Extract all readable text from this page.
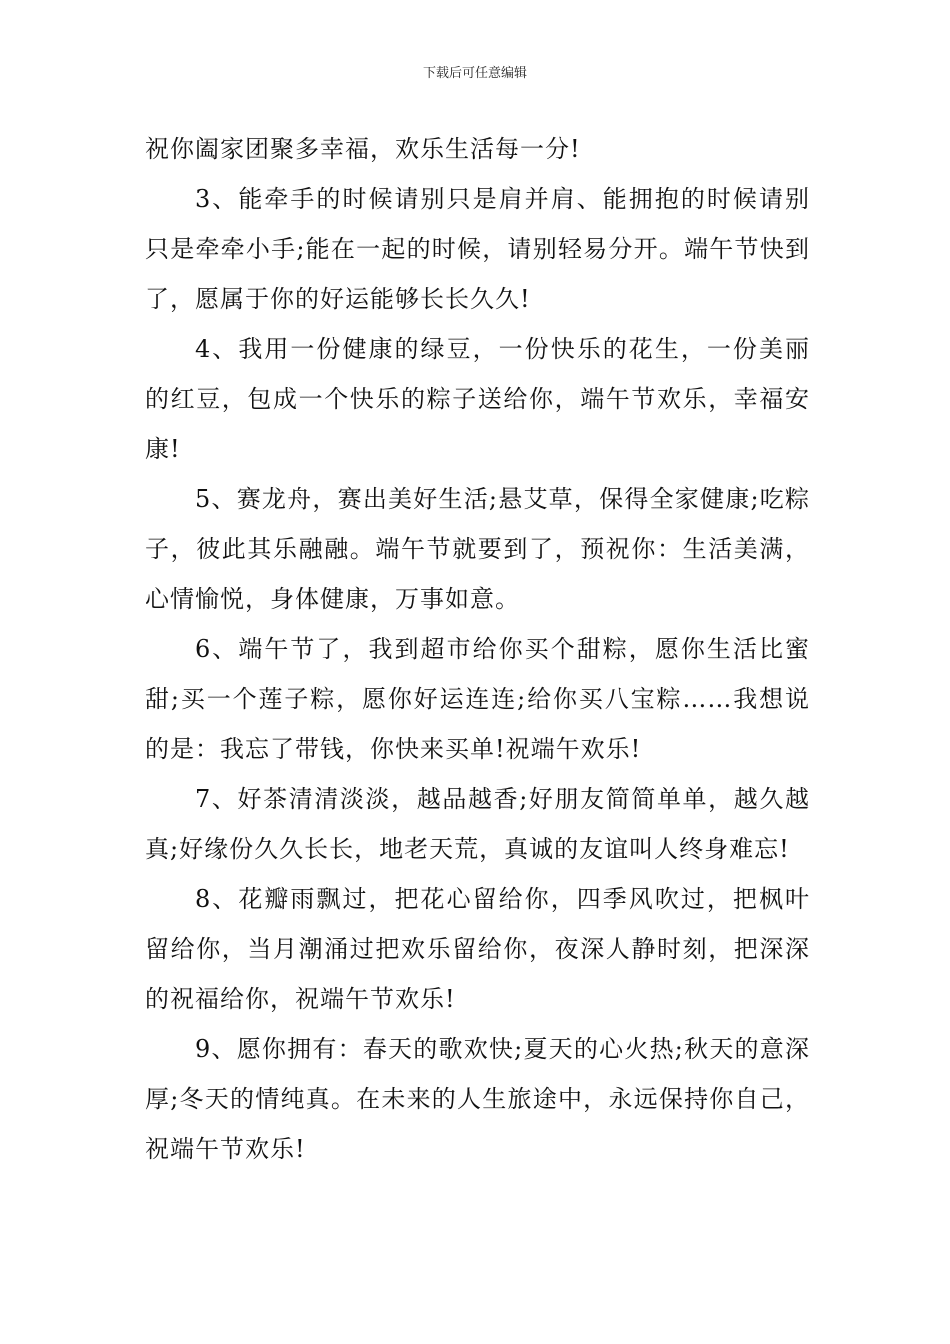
下载后可任意编辑

祝你阖家团聚多幸福，欢乐生活每一分!

3、能牵手的时候请别只是肩并肩、能拥抱的时候请别只是牵牵小手;能在一起的时候，请别轻易分开。端午节快到了，愿属于你的好运能够长长久久!

4、我用一份健康的绿豆，一份快乐的花生，一份美丽的红豆，包成一个快乐的粽子送给你，端午节欢乐，幸福安康!

5、赛龙舟，赛出美好生活;悬艾草，保得全家健康;吃粽子，彼此其乐融融。端午节就要到了，预祝你：生活美满，心情愉悦，身体健康，万事如意。

6、端午节了，我到超市给你买个甜粽，愿你生活比蜜甜;买一个莲子粽，愿你好运连连;给你买八宝粽……我想说的是：我忘了带钱，你快来买单!祝端午欢乐!

7、好茶清清淡淡，越品越香;好朋友简简单单，越久越真;好缘份久久长长，地老天荒，真诚的友谊叫人终身难忘!

8、花瓣雨飘过，把花心留给你，四季风吹过，把枫叶留给你，当月潮涌过把欢乐留给你，夜深人静时刻，把深深的祝福给你，祝端午节欢乐!

9、愿你拥有：春天的歌欢快;夏天的心火热;秋天的意深厚;冬天的情纯真。在未来的人生旅途中，永远保持你自己，祝端午节欢乐!
